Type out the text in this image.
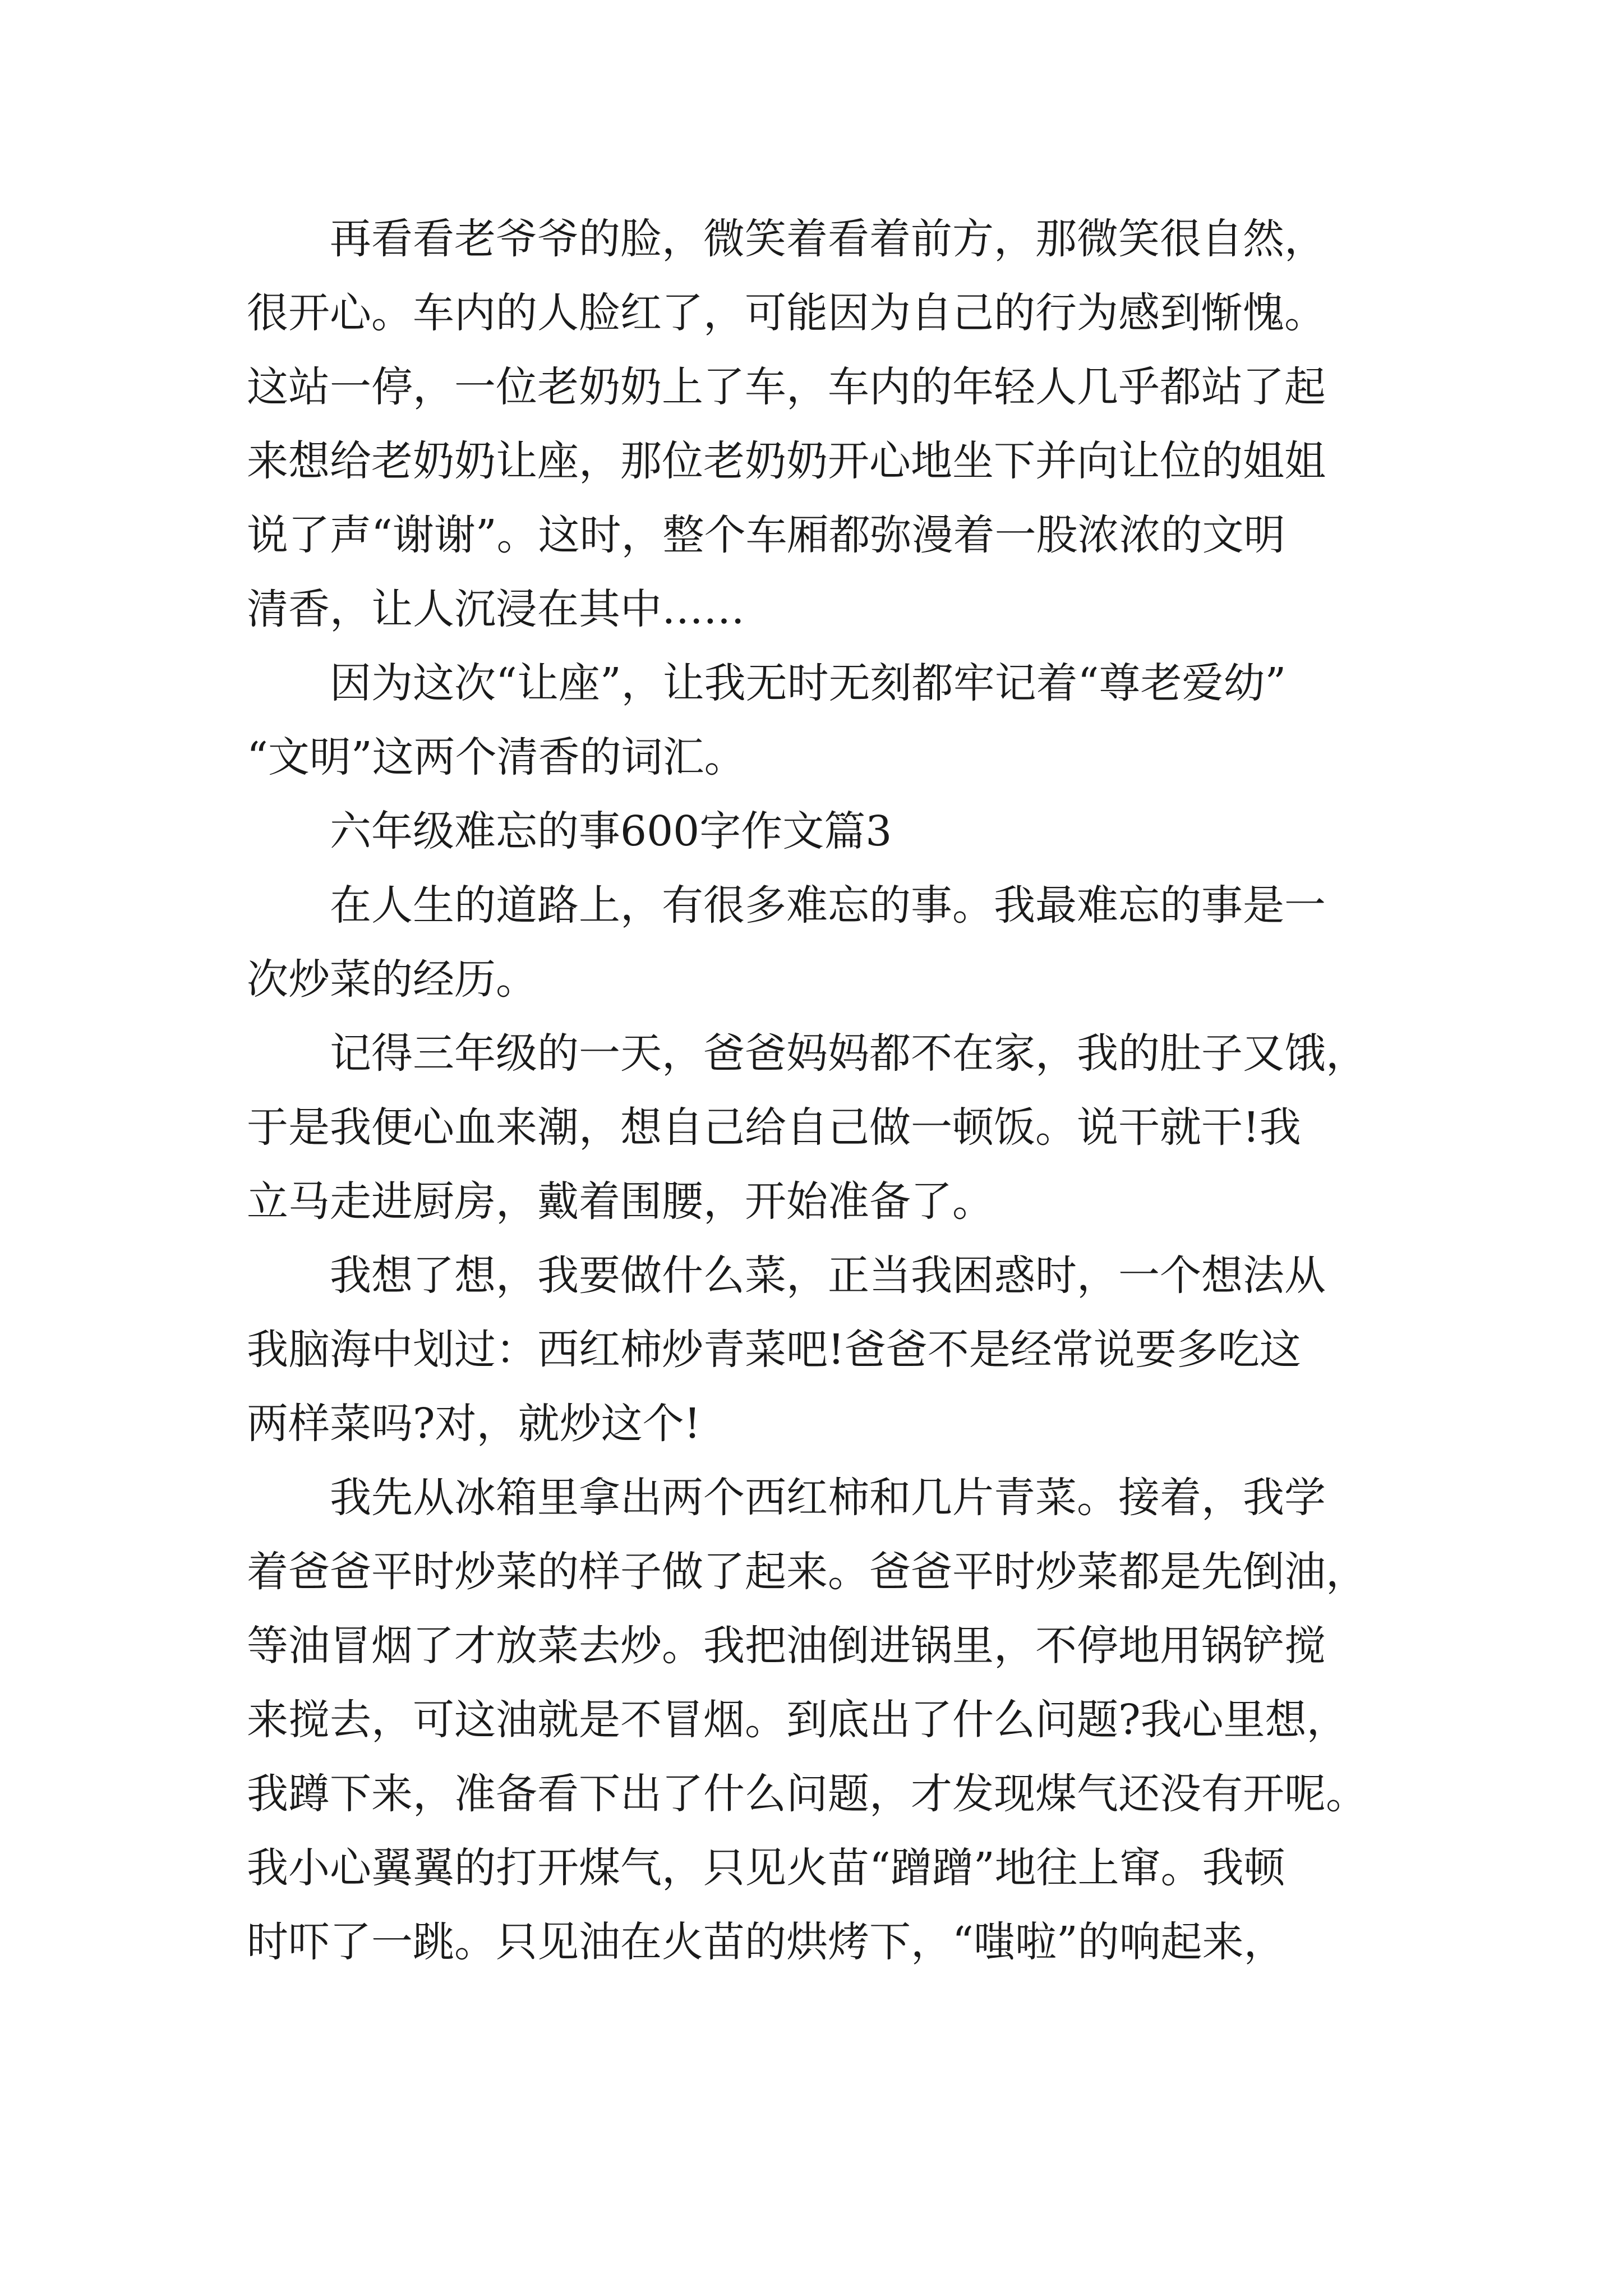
再看看老爷爷的脸，微笑着看着前方，那微笑很自然，
很开心。车内的人脸红了，可能因为自己的行为感到惭愧。
这站一停，一位老奶奶上了车，车内的年轻人几乎都站了起
来想给老奶奶让座，那位老奶奶开心地坐下并向让位的姐姐
说了声“谢谢”。这时，整个车厢都弥漫着一股浓浓的文明
清香，让人沉浸在其中……
因为这次“让座”，让我无时无刻都牢记着“尊老爱幼”
“文明”这两个清香的词汇。
六年级难忘的事600字作文篇3
在人生的道路上，有很多难忘的事。我最难忘的事是一
次炒菜的经历。
记得三年级的一天，爸爸妈妈都不在家，我的肚子又饿，
于是我便心血来潮，想自己给自己做一顿饭。说干就干!我
立马走进厨房，戴着围腰，开始准备了。
我想了想，我要做什么菜，正当我困惑时，一个想法从
我脑海中划过：西红柿炒青菜吧!爸爸不是经常说要多吃这
两样菜吗?对，就炒这个!
我先从冰箱里拿出两个西红柿和几片青菜。接着，我学
着爸爸平时炒菜的样子做了起来。爸爸平时炒菜都是先倒油，
等油冒烟了才放菜去炒。我把油倒进锅里，不停地用锅铲搅
来搅去，可这油就是不冒烟。到底出了什么问题?我心里想，
我蹲下来，准备看下出了什么问题，才发现煤气还没有开呢。
我小心翼翼的打开煤气，只见火苗“蹭蹭”地往上窜。我顿
时吓了一跳。只见油在火苗的烘烤下，“嗤啦”的响起来，
